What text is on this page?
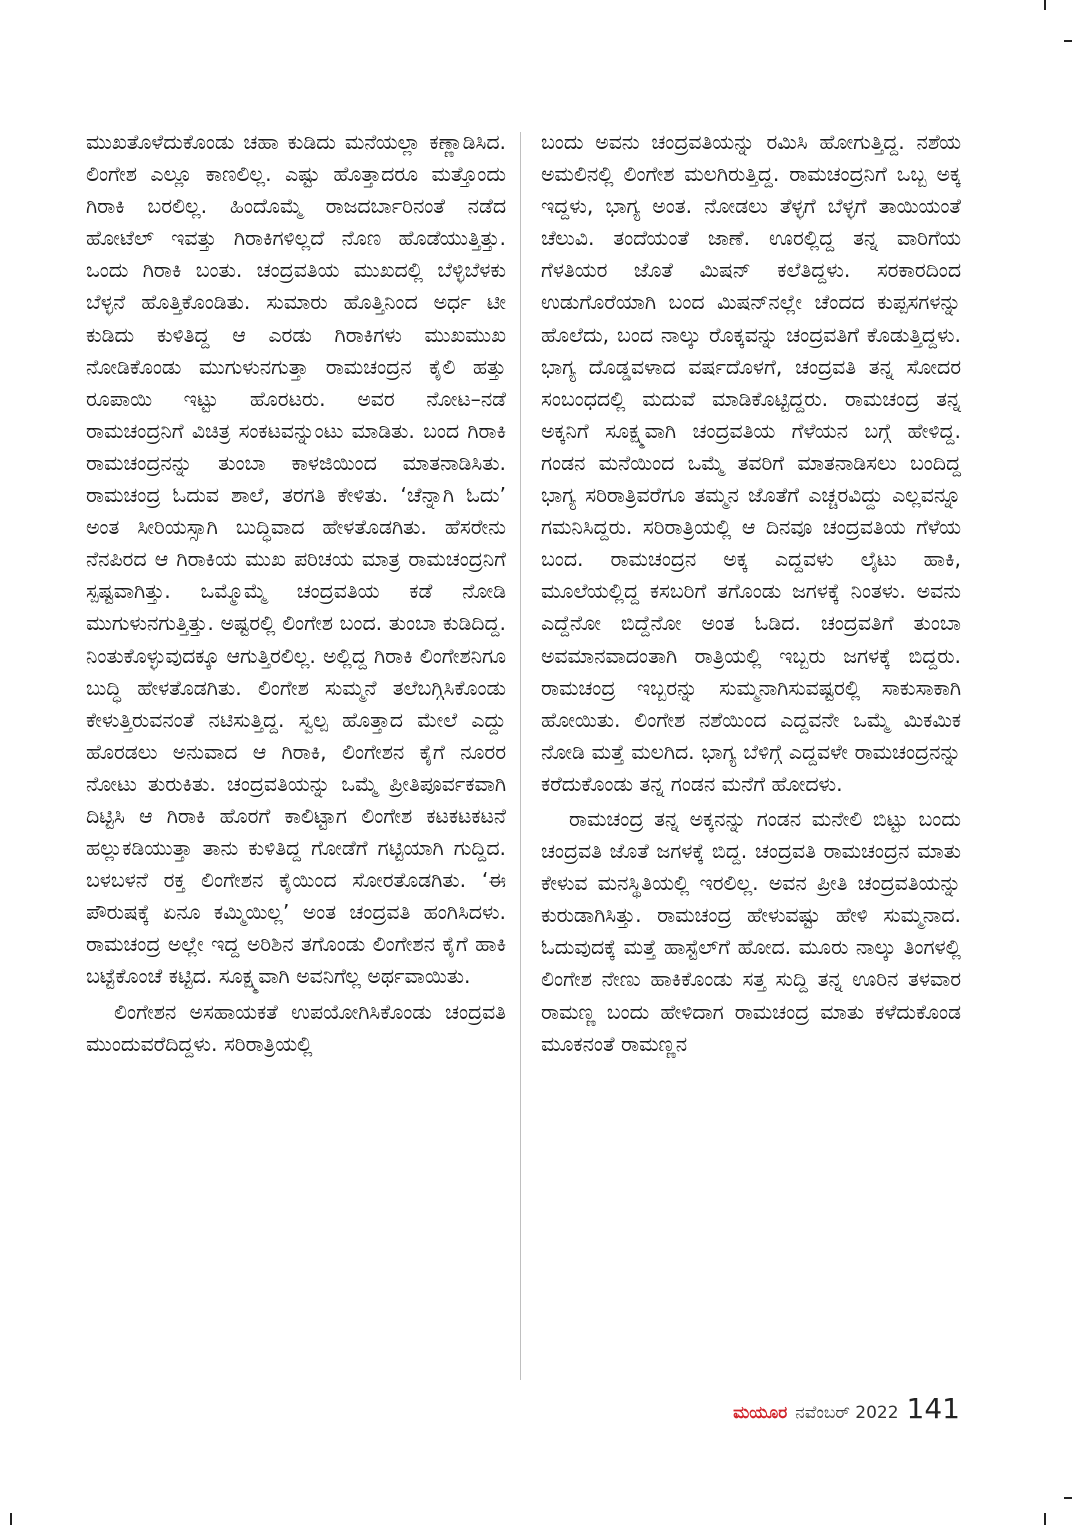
ಮುಖತೊಳೆದುಕೊಂಡು ಚಹಾ ಕುಡಿದು ಮನೆಯಲ್ಲಾ ಕಣ್ಣಾಡಿಸಿದ. ಲಿಂಗೇಶ ಎಲ್ಲೂ ಕಾಣಲಿಲ್ಲ. ಎಷ್ಟು ಹೊತ್ತಾದರೂ ಮತ್ತೊಂದು ಗಿರಾಕಿ ಬರಲಿಲ್ಲ. ಹಿಂದೊಮ್ಮೆ ರಾಜದರ್ಬಾರಿನಂತೆ ನಡೆದ ಹೋಟೆಲ್ ಇವತ್ತು ಗಿರಾಕಿಗಳಿಲ್ಲದೆ ನೊಣ ಹೊಡೆಯುತ್ತಿತ್ತು. ಒಂದು ಗಿರಾಕಿ ಬಂತು. ಚಂದ್ರವತಿಯ ಮುಖದಲ್ಲಿ ಬೆಳ್ಳಿಬೆಳಕು ಬೆಳ್ಳನೆ ಹೊತ್ತಿಕೊಂಡಿತು. ಸುಮಾರು ಹೊತ್ತಿನಿಂದ ಅರ್ಧ ಟೀ ಕುಡಿದು ಕುಳಿತಿದ್ದ ಆ ಎರಡು ಗಿರಾಕಿಗಳು ಮುಖಮುಖ ನೋಡಿಕೊಂಡು ಮುಗುಳುನಗುತ್ತಾ ರಾಮಚಂದ್ರನ ಕೈಲಿ ಹತ್ತು ರೂಪಾಯಿ ಇಟ್ಟು ಹೊರಟರು. ಅವರ ನೋಟ–ನಡೆ ರಾಮಚಂದ್ರನಿಗೆ ವಿಚಿತ್ರ ಸಂಕಟವನ್ನುಂಟು ಮಾಡಿತು. ಬಂದ ಗಿರಾಕಿ ರಾಮಚಂದ್ರನನ್ನು ತುಂಬಾ ಕಾಳಜಿಯಿಂದ ಮಾತನಾಡಿಸಿತು. ರಾಮಚಂದ್ರ ಓದುವ ಶಾಲೆ, ತರಗತಿ ಕೇಳಿತು. ‘ಚೆನ್ನಾಗಿ ಓದು’ ಅಂತ ಸೀರಿಯಸ್ಸಾಗಿ ಬುದ್ಧಿವಾದ ಹೇಳತೊಡಗಿತು. ಹೆಸರೇನು ನೆನಪಿರದ ಆ ಗಿರಾಕಿಯ ಮುಖ ಪರಿಚಯ ಮಾತ್ರ ರಾಮಚಂದ್ರನಿಗೆ ಸ್ಪಷ್ಟವಾಗಿತ್ತು. ಒಮ್ಮೊಮ್ಮೆ ಚಂದ್ರವತಿಯ ಕಡೆ ನೋಡಿ ಮುಗುಳುನಗುತ್ತಿತ್ತು. ಅಷ್ಟರಲ್ಲಿ ಲಿಂಗೇಶ ಬಂದ. ತುಂಬಾ ಕುಡಿದಿದ್ದ. ನಿಂತುಕೊಳ್ಳುವುದಕ್ಕೂ ಆಗುತ್ತಿರಲಿಲ್ಲ. ಅಲ್ಲಿದ್ದ ಗಿರಾಕಿ ಲಿಂಗೇಶನಿಗೂ ಬುದ್ಧಿ ಹೇಳತೊಡಗಿತು. ಲಿಂಗೇಶ ಸುಮ್ಮನೆ ತಲೆಬಗ್ಗಿಸಿಕೊಂಡು ಕೇಳುತ್ತಿರುವನಂತೆ ನಟಿಸುತ್ತಿದ್ದ. ಸ್ವಲ್ಪ ಹೊತ್ತಾದ ಮೇಲೆ ಎದ್ದು ಹೊರಡಲು ಅನುವಾದ ಆ ಗಿರಾಕಿ, ಲಿಂಗೇಶನ ಕೈಗೆ ನೂರರ ನೋಟು ತುರುಕಿತು. ಚಂದ್ರವತಿಯನ್ನು ಒಮ್ಮೆ ಪ್ರೀತಿಪೂರ್ವಕವಾಗಿ ದಿಟ್ಟಿಸಿ ಆ ಗಿರಾಕಿ ಹೊರಗೆ ಕಾಲಿಟ್ಟಾಗ ಲಿಂಗೇಶ ಕಟಕಟಕಟನೆ ಹಲ್ಲುಕಡಿಯುತ್ತಾ ತಾನು ಕುಳಿತಿದ್ದ ಗೋಡೆಗೆ ಗಟ್ಟಿಯಾಗಿ ಗುದ್ದಿದ. ಬಳಬಳನೆ ರಕ್ತ ಲಿಂಗೇಶನ ಕೈಯಿಂದ ಸೋರತೊಡಗಿತು. ‘ಈ ಪೌರುಷಕ್ಕೆ ಏನೂ ಕಮ್ಮಿಯಿಲ್ಲ’ ಅಂತ ಚಂದ್ರವತಿ ಹಂಗಿಸಿದಳು. ರಾಮಚಂದ್ರ ಅಲ್ಲೇ ಇದ್ದ ಅರಿಶಿನ ತಗೊಂಡು ಲಿಂಗೇಶನ ಕೈಗೆ ಹಾಕಿ ಬಟ್ಟೆಕೊಂಚೆ ಕಟ್ಟಿದ. ಸೂಕ್ಷ್ಮವಾಗಿ ಅವನಿಗೆಲ್ಲ ಅರ್ಥವಾಯಿತು.

ಲಿಂಗೇಶನ ಅಸಹಾಯಕತೆ ಉಪಯೋಗಿಸಿಕೊಂಡು ಚಂದ್ರವತಿ ಮುಂದುವರೆದಿದ್ದಳು. ಸರಿರಾತ್ರಿಯಲ್ಲಿ

ಬಂದು ಅವನು ಚಂದ್ರವತಿಯನ್ನು ರಮಿಸಿ ಹೋಗುತ್ತಿದ್ದ. ನಶೆಯ ಅಮಲಿನಲ್ಲಿ ಲಿಂಗೇಶ ಮಲಗಿರುತ್ತಿದ್ದ. ರಾಮಚಂದ್ರನಿಗೆ ಒಬ್ಬ ಅಕ್ಕ ಇದ್ದಳು, ಭಾಗ್ಯ ಅಂತ. ನೋಡಲು ತೆಳ್ಳಗೆ ಬೆಳ್ಳಗೆ ತಾಯಿಯಂತೆ ಚೆಲುವಿ. ತಂದೆಯಂತೆ ಜಾಣೆ. ಊರಲ್ಲಿದ್ದ ತನ್ನ ವಾರಿಗೆಯ ಗೆಳತಿಯರ ಜೊತೆ ಮಿಷನ್ ಕಲೆತಿದ್ದಳು. ಸರಕಾರದಿಂದ ಉಡುಗೊರೆಯಾಗಿ ಬಂದ ಮಿಷನ್‌ನಲ್ಲೇ ಚೆಂದದ ಕುಪ್ಪಸಗಳನ್ನು ಹೊಲೆದು, ಬಂದ ನಾಲ್ಕು ರೊಕ್ಕವನ್ನು ಚಂದ್ರವತಿಗೆ ಕೊಡುತ್ತಿದ್ದಳು. ಭಾಗ್ಯ ದೊಡ್ಡವಳಾದ ವರ್ಷದೊಳಗೆ, ಚಂದ್ರವತಿ ತನ್ನ ಸೋದರ ಸಂಬಂಧದಲ್ಲಿ ಮದುವೆ ಮಾಡಿಕೊಟ್ಟಿದ್ದರು. ರಾಮಚಂದ್ರ ತನ್ನ ಅಕ್ಕನಿಗೆ ಸೂಕ್ಷ್ಮವಾಗಿ ಚಂದ್ರವತಿಯ ಗೆಳೆಯನ ಬಗ್ಗೆ ಹೇಳಿದ್ದ. ಗಂಡನ ಮನೆಯಿಂದ ಒಮ್ಮೆ ತವರಿಗೆ ಮಾತನಾಡಿಸಲು ಬಂದಿದ್ದ ಭಾಗ್ಯ ಸರಿರಾತ್ರಿವರೆಗೂ ತಮ್ಮನ ಜೊತೆಗೆ ಎಚ್ಚರವಿದ್ದು ಎಲ್ಲವನ್ನೂ ಗಮನಿಸಿದ್ದರು. ಸರಿರಾತ್ರಿಯಲ್ಲಿ ಆ ದಿನವೂ ಚಂದ್ರವತಿಯ ಗೆಳೆಯ ಬಂದ. ರಾಮಚಂದ್ರನ ಅಕ್ಕ ಎದ್ದವಳು ಲೈಟು ಹಾಕಿ, ಮೂಲೆಯಲ್ಲಿದ್ದ ಕಸಬರಿಗೆ ತಗೊಂಡು ಜಗಳಕ್ಕೆ ನಿಂತಳು. ಅವನು ಎದ್ದೆನೋ ಬಿದ್ದೆನೋ ಅಂತ ಓಡಿದ. ಚಂದ್ರವತಿಗೆ ತುಂಬಾ ಅವಮಾನವಾದಂತಾಗಿ ರಾತ್ರಿಯಲ್ಲಿ ಇಬ್ಬರು ಜಗಳಕ್ಕೆ ಬಿದ್ದರು. ರಾಮಚಂದ್ರ ಇಬ್ಬರನ್ನು ಸುಮ್ಮನಾಗಿಸುವಷ್ಟರಲ್ಲಿ ಸಾಕುಸಾಕಾಗಿ ಹೋಯಿತು. ಲಿಂಗೇಶ ನಶೆಯಿಂದ ಎದ್ದವನೇ ಒಮ್ಮೆ ಮಿಕಮಿಕ ನೋಡಿ ಮತ್ತೆ ಮಲಗಿದ. ಭಾಗ್ಯ ಬೆಳಿಗ್ಗೆ ಎದ್ದವಳೇ ರಾಮಚಂದ್ರನನ್ನು ಕರೆದುಕೊಂಡು ತನ್ನ ಗಂಡನ ಮನೆಗೆ ಹೋದಳು.

ರಾಮಚಂದ್ರ ತನ್ನ ಅಕ್ಕನನ್ನು ಗಂಡನ ಮನೇಲಿ ಬಿಟ್ಟು ಬಂದು ಚಂದ್ರವತಿ ಜೊತೆ ಜಗಳಕ್ಕೆ ಬಿದ್ದ. ಚಂದ್ರವತಿ ರಾಮಚಂದ್ರನ ಮಾತು ಕೇಳುವ ಮನಸ್ಥಿತಿಯಲ್ಲಿ ಇರಲಿಲ್ಲ. ಅವನ ಪ್ರೀತಿ ಚಂದ್ರವತಿಯನ್ನು ಕುರುಡಾಗಿಸಿತ್ತು. ರಾಮಚಂದ್ರ ಹೇಳುವಷ್ಟು ಹೇಳಿ ಸುಮ್ಮನಾದ. ಓದುವುದಕ್ಕೆ ಮತ್ತೆ ಹಾಸ್ಟೆಲ್‌ಗೆ ಹೋದ. ಮೂರು ನಾಲ್ಕು ತಿಂಗಳಲ್ಲಿ ಲಿಂಗೇಶ ನೇಣು ಹಾಕಿಕೊಂಡು ಸತ್ತ ಸುದ್ದಿ ತನ್ನ ಊರಿನ ತಳವಾರ ರಾಮಣ್ಣ ಬಂದು ಹೇಳಿದಾಗ ರಾಮಚಂದ್ರ ಮಾತು ಕಳೆದುಕೊಂಡ ಮೂಕನಂತೆ ರಾಮಣ್ಣನ

ಮಯೂರ ನವೆಂಬರ್ 2022 141
